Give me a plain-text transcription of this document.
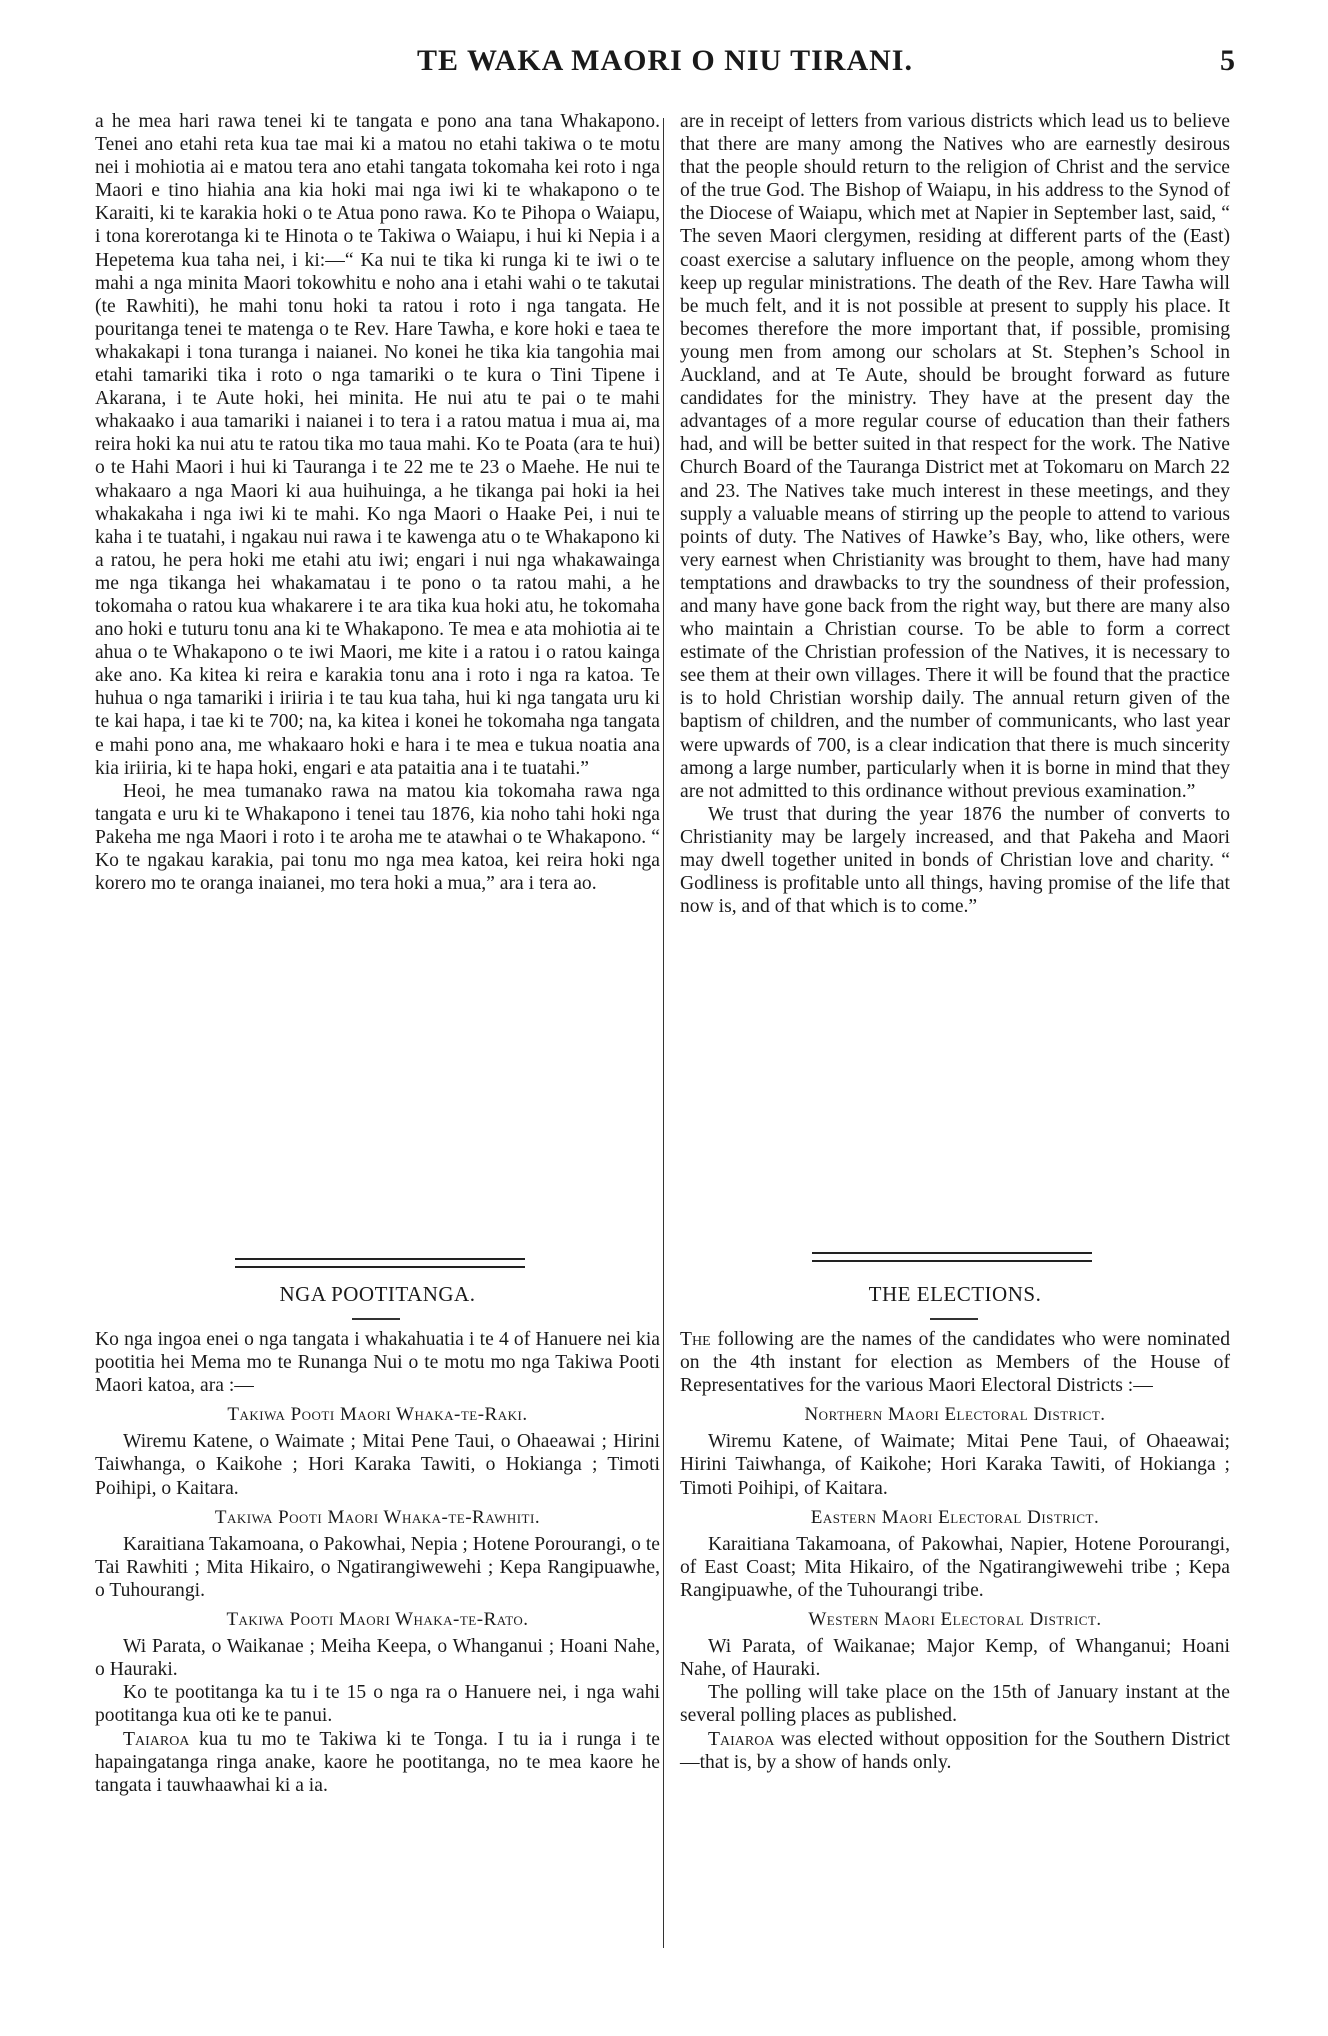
TE WAKA MAORI O NIU TIRANI.	5

a he mea hari rawa tenei ki te tangata e pono ana tana Whakapono. Tenei ano etahi reta kua tae mai ki a matou no etahi takiwa o te motu nei i mohiotia ai e matou tera ano etahi tangata tokomaha kei roto i nga Maori e tino hiahia ana kia hoki mai nga iwi ki te whakapono o te Karaiti, ki te karakia hoki o te Atua pono rawa. Ko te Pihopa o Waiapu, i tona korerotanga ki te Hinota o te Takiwa o Waiapu, i hui ki Nepia i a Hepetema kua taha nei, i ki:—“ Ka nui te tika ki runga ki te iwi o te mahi a nga minita Maori tokowhitu e noho ana i etahi wahi o te takutai (te Rawhiti), he mahi tonu hoki ta ratou i roto i nga tangata. He pouritanga tenei te matenga o te Rev. Hare Tawha, e kore hoki e taea te whakakapi i tona turanga i naianei. No konei he tika kia tangohia mai etahi tamariki tika i roto o nga tamariki o te kura o Tini Tipene i Akarana, i te Aute hoki, hei minita. He nui atu te pai o te mahi whakaako i aua tamariki i naianei i to tera i a ratou matua i mua ai, ma reira hoki ka nui atu te ratou tika mo taua mahi. Ko te Poata (ara te hui) o te Hahi Maori i hui ki Tauranga i te 22 me te 23 o Maehe. He nui te whakaaro a nga Maori ki aua huihuinga, a he tikanga pai hoki ia hei whakakaha i nga iwi ki te mahi. Ko nga Maori o Haake Pei, i nui te kaha i te tuatahi, i ngakau nui rawa i te kawenga atu o te Whakapono ki a ratou, he pera hoki me etahi atu iwi; engari i nui nga whakawainga me nga tikanga hei whakamatau i te pono o ta ratou mahi, a he tokomaha o ratou kua whakarere i te ara tika kua hoki atu, he tokomaha ano hoki e tuturu tonu ana ki te Whakapono. Te mea e ata mohiotia ai te ahua o te Whakapono o te iwi Maori, me kite i a ratou i o ratou kainga ake ano. Ka kitea ki reira e karakia tonu ana i roto i nga ra katoa. Te huhua o nga tamariki i iriiria i te tau kua taha, hui ki nga tangata uru ki te kai hapa, i tae ki te 700; na, ka kitea i konei he tokomaha nga tangata e mahi pono ana, me whakaaro hoki e hara i te mea e tukua noatia ana kia iriiria, ki te hapa hoki, engari e ata pataitia ana i te tuatahi.”

Heoi, he mea tumanako rawa na matou kia tokomaha rawa nga tangata e uru ki te Whakapono i tenei tau 1876, kia noho tahi hoki nga Pakeha me nga Maori i roto i te aroha me te atawhai o te Whakapono. “ Ko te ngakau karakia, pai tonu mo nga mea katoa, kei reira hoki nga korero mo te oranga inaianei, mo tera hoki a mua,” ara i tera ao.

are in receipt of letters from various districts which lead us to believe that there are many among the Natives who are earnestly desirous that the people should return to the religion of Christ and the service of the true God. The Bishop of Waiapu, in his address to the Synod of the Diocese of Waiapu, which met at Napier in September last, said, “ The seven Maori clergymen, residing at different parts of the (East) coast exercise a salutary influence on the people, among whom they keep up regular ministrations. The death of the Rev. Hare Tawha will be much felt, and it is not possible at present to supply his place. It becomes therefore the more important that, if possible, promising young men from among our scholars at St. Stephen’s School in Auckland, and at Te Aute, should be brought forward as future candidates for the ministry. They have at the present day the advantages of a more regular course of education than their fathers had, and will be better suited in that respect for the work. The Native Church Board of the Tauranga District met at Tokomaru on March 22 and 23. The Natives take much interest in these meetings, and they supply a valuable means of stirring up the people to attend to various points of duty. The Natives of Hawke’s Bay, who, like others, were very earnest when Christianity was brought to them, have had many temptations and drawbacks to try the soundness of their profession, and many have gone back from the right way, but there are many also who maintain a Christian course. To be able to form a correct estimate of the Christian profession of the Natives, it is necessary to see them at their own villages. There it will be found that the practice is to hold Christian worship daily. The annual return given of the baptism of children, and the number of communicants, who last year were upwards of 700, is a clear indication that there is much sincerity among a large number, particularly when it is borne in mind that they are not admitted to this ordinance without previous examination.”

We trust that during the year 1876 the number of converts to Christianity may be largely increased, and that Pakeha and Maori may dwell together united in bonds of Christian love and charity. “ Godliness is profitable unto all things, having promise of the life that now is, and of that which is to come.”

NGA POOTITANGA.	THE ELECTIONS.

Ko nga ingoa enei o nga tangata i whakahuatia i te 4 of Hanuere nei kia pootitia hei Mema mo te Runanga Nui o te motu mo nga Takiwa Pooti Maori katoa, ara :—

Takiwa Pooti Maori Whaka-te-Raki.

Wiremu Katene, o Waimate ; Mitai Pene Taui, o Ohaeawai ; Hirini Taiwhanga, o Kaikohe ; Hori Karaka Tawiti, o Hokianga ; Timoti Poihipi, o Kaitara.

Takiwa Pooti Maori Whaka-te-Rawhiti.

Karaitiana Takamoana, o Pakowhai, Nepia ; Hotene Porourangi, o te Tai Rawhiti ; Mita Hikairo, o Ngatirangiwewehi ; Kepa Rangipuawhe, o Tuhourangi.

Takiwa Pooti Maori Whaka-te-Rato.

Wi Parata, o Waikanae ; Meiha Keepa, o Whanganui ; Hoani Nahe, o Hauraki.

Ko te pootitanga ka tu i te 15 o nga ra o Hanuere nei, i nga wahi pootitanga kua oti ke te panui.

Taiaroa kua tu mo te Takiwa ki te Tonga. I tu ia i runga i te hapaingatanga ringa anake, kaore he pootitanga, no te mea kaore he tangata i tauwhaawhai ki a ia.

The following are the names of the candidates who were nominated on the 4th instant for election as Members of the House of Representatives for the various Maori Electoral Districts :—

Northern Maori Electoral District.

Wiremu Katene, of Waimate; Mitai Pene Taui, of Ohaeawai; Hirini Taiwhanga, of Kaikohe; Hori Karaka Tawiti, of Hokianga ; Timoti Poihipi, of Kaitara.

Eastern Maori Electoral District.

Karaitiana Takamoana, of Pakowhai, Napier, Hotene Porourangi, of East Coast; Mita Hikairo, of the Ngatirangiwewehi tribe ; Kepa Rangipuawhe, of the Tuhourangi tribe.

Western Maori Electoral District.

Wi Parata, of Waikanae; Major Kemp, of Whanganui; Hoani Nahe, of Hauraki.

The polling will take place on the 15th of January instant at the several polling places as published.

Taiaroa was elected without opposition for the Southern District—that is, by a show of hands only.
